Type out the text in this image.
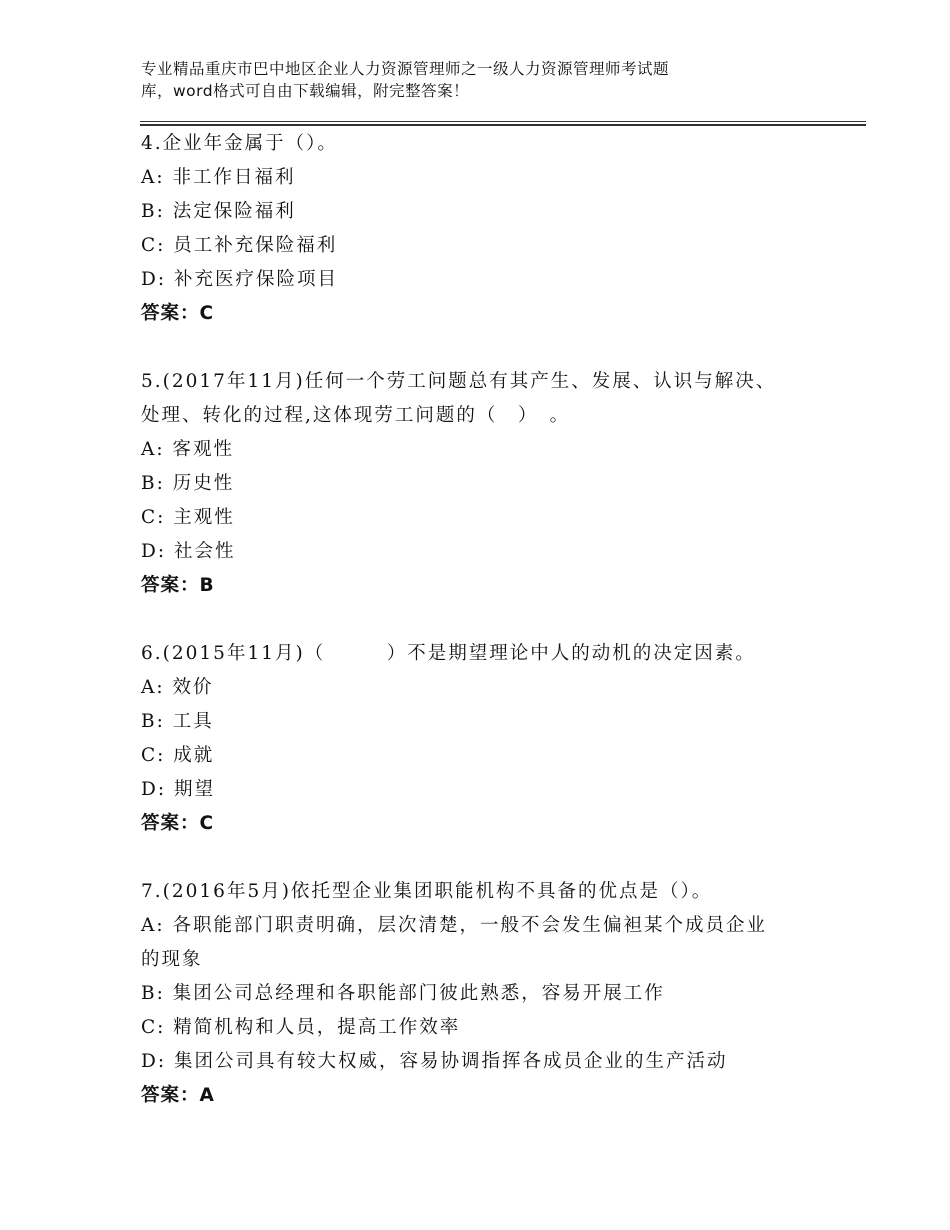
专业精品重庆市巴中地区企业人力资源管理师之一级人力资源管理师考试题
库，word格式可自由下载编辑，附完整答案！
4.企业年金属于（）。
A: 非工作日福利
B: 法定保险福利
C: 员工补充保险福利
D: 补充医疗保险项目
答案：C
5.(2017年11月)任何一个劳工问题总有其产生、发展、认识与解决、
处理、转化的过程,这体现劳工问题的（　）　。
A: 客观性
B: 历史性
C: 主观性
D: 社会性
答案：B
6.(2015年11月)（　　　）不是期望理论中人的动机的决定因素。
A: 效价
B: 工具
C: 成就
D: 期望
答案：C
7.(2016年5月)依托型企业集团职能机构不具备的优点是（）。
A: 各职能部门职责明确，层次清楚，一般不会发生偏袒某个成员企业
的现象
B: 集团公司总经理和各职能部门彼此熟悉，容易开展工作
C: 精简机构和人员，提高工作效率
D: 集团公司具有较大权威，容易协调指挥各成员企业的生产活动
答案：A
